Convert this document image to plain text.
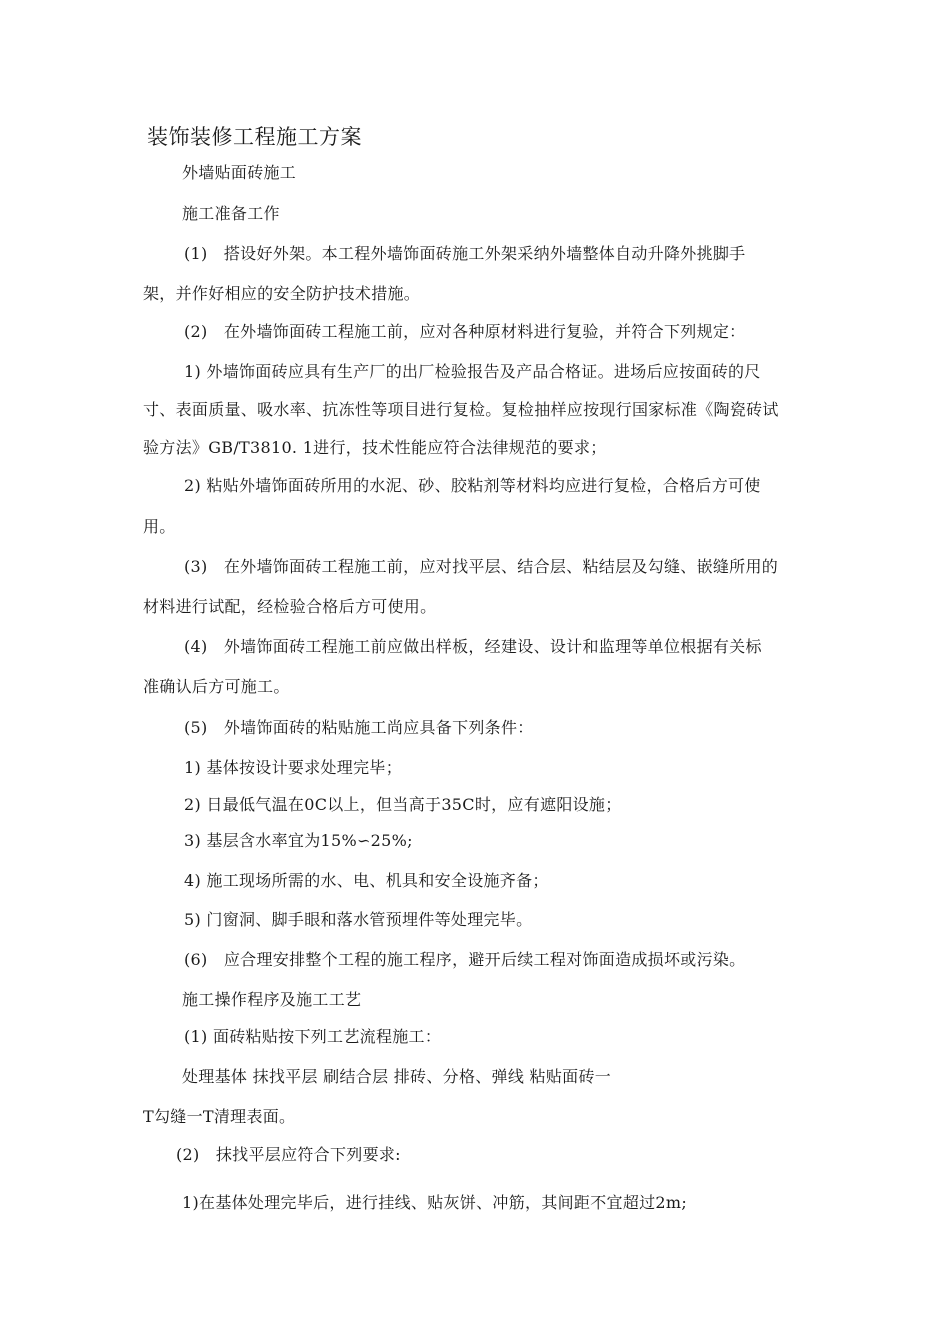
装饰装修工程施工方案
外墙贴面砖施工
施工准备工作
(1)　搭设好外架。本工程外墙饰面砖施工外架采纳外墙整体自动升降外挑脚手
架，并作好相应的安全防护技术措施。
(2)　在外墙饰面砖工程施工前，应对各种原材料进行复验，并符合下列规定：
1) 外墙饰面砖应具有生产厂的出厂检验报告及产品合格证。进场后应按面砖的尺
寸、表面质量、吸水率、抗冻性等项目进行复检。复检抽样应按现行国家标准《陶瓷砖试
验方法》GB/T3810. 1进行，技术性能应符合法律规范的要求；
2) 粘贴外墙饰面砖所用的水泥、砂、胶粘剂等材料均应进行复检，合格后方可使
用。
(3)　在外墙饰面砖工程施工前，应对找平层、结合层、粘结层及勾缝、嵌缝所用的
材料进行试配，经检验合格后方可使用。
(4)　外墙饰面砖工程施工前应做出样板，经建设、设计和监理等单位根据有关标
准确认后方可施工。
(5)　外墙饰面砖的粘贴施工尚应具备下列条件：
1) 基体按设计要求处理完毕；
2) 日最低气温在0C以上，但当高于35C时，应有遮阳设施；
3) 基层含水率宜为15%∽25%;
4) 施工现场所需的水、电、机具和安全设施齐备；
5) 门窗洞、脚手眼和落水管预埋件等处理完毕。
(6)　应合理安排整个工程的施工程序，避开后续工程对饰面造成损坏或污染。
施工操作程序及施工工艺
(1) 面砖粘贴按下列工艺流程施工：
处理基体 抹找平层 刷结合层 排砖、分格、弹线 粘贴面砖一
T勾缝一T清理表面。
(2)　抹找平层应符合下列要求:
1)在基体处理完毕后，进行挂线、贴灰饼、冲筋，其间距不宜超过2m;
